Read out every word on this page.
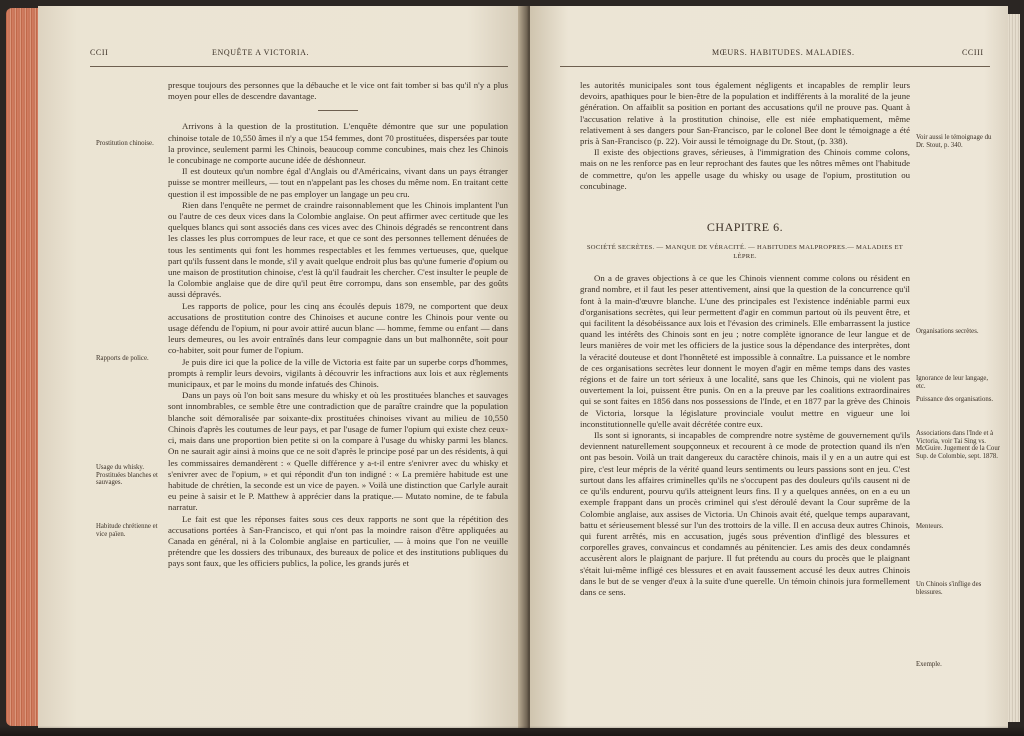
CCII	ENQUÊTE A VICTORIA.
Prostitution chinoise.
Rapports de police.
Usage du whisky. Prostituées blanches et sauvages.
Habitude chrétienne et vice païen.

presque toujours des personnes que la débauche et le vice ont fait tomber si bas qu'il n'y a plus moyen pour elles de descendre davantage.

Arrivons à la question de la prostitution. L'enquête démontre que sur une population chinoise totale de 10,550 âmes il n'y a que 154 femmes, dont 70 prostituées, dispersées par toute la province, seulement parmi les Chinois, beaucoup comme concubines, mais chez les Chinois le concubinage ne comporte aucune idée de déshonneur.

Il est douteux qu'un nombre égal d'Anglais ou d'Américains, vivant dans un pays étranger puisse se montrer meilleurs, — tout en n'appelant pas les choses du même nom. En traitant cette question il est impossible de ne pas employer un langage un peu cru.

Rien dans l'enquête ne permet de craindre raisonnablement que les Chinois implantent l'un ou l'autre de ces deux vices dans la Colombie anglaise. On peut affirmer avec certitude que les quelques blancs qui sont associés dans ces vices avec des Chinois dégradés se rencontrent dans les classes les plus corrompues de leur race, et que ce sont des personnes tellement dénuées de tous les sentiments qui font les hommes respectables et les femmes vertueuses, que, quelque part qu'ils fussent dans le monde, s'il y avait quelque endroit plus bas qu'une fumerie d'opium ou une maison de prostitution chinoise, c'est là qu'il faudrait les chercher. C'est insulter le peuple de la Colombie anglaise que de dire qu'il peut être corrompu, dans son ensemble, par des goûts aussi dépravés.

Les rapports de police, pour les cinq ans écoulés depuis 1879, ne comportent que deux accusations de prostitution contre des Chinoises et aucune contre les Chinois pour vente ou usage défendu de l'opium, ni pour avoir attiré aucun blanc — homme, femme ou enfant — dans leurs demeures, ou les avoir entraînés dans leur compagnie dans un but malhonnête, soit pour co-habiter, soit pour fumer de l'opium.

Je puis dire ici que la police de la ville de Victoria est faite par un superbe corps d'hommes, prompts à remplir leurs devoirs, vigilants à découvrir les infractions aux lois et aux règlements municipaux, et par le moins du monde infatués des Chinois.

Dans un pays où l'on boit sans mesure du whisky et où les prostituées blanches et sauvages sont innombrables, ce semble être une contradiction que de paraître craindre que la population blanche soit démoralisée par soixante-dix prostituées chinoises vivant au milieu de 10,550 Chinois d'après les coutumes de leur pays, et par l'usage de fumer l'opium qui existe chez ceux-ci, mais dans une proportion bien petite si on la compare à l'usage du whisky parmi les blancs. On ne saurait agir ainsi à moins que ce ne soit d'après le principe posé par un des résidents, à qui les commissaires demandèrent : « Quelle différence y a-t-il entre s'enivrer avec du whisky et s'enivrer avec de l'opium, » et qui répondit d'un ton indigné : « La première habitude est une habitude de chrétien, la seconde est un vice de payen. » Voilà une distinction que Carlyle aurait eu peine à saisir et le P. Matthew à apprécier dans la pratique.— Mutato nomine, de te fabula narratur.

Le fait est que les réponses faites sous ces deux rapports ne sont que la répétition des accusations portées à San-Francisco, et qui n'ont pas la moindre raison d'être appliquées au Canada en général, ni à la Colombie anglaise en particulier, — à moins que l'on ne veuille prétendre que les dossiers des tribunaux, des bureaux de police et des institutions publiques du pays sont faux, que les officiers publics, la police, les grands jurés et

MŒURS. HABITUDES. MALADIES.	CCIII
Voir aussi le témoignage du Dr. Stout, p. 340.
Organisations secrètes.
Ignorance de leur langage, etc.
Puissance des organisations.
Associations dans l'Inde et à Victoria, voir Tai Sing vs. McGuire. Jugement de la Cour Sup. de Colombie, sept. 1878.
Menteurs.
Un Chinois s'inflige des blessures.
Exemple.

les autorités municipales sont tous également négligents et incapables de remplir leurs devoirs, apathiques pour le bien-être de la population et indifférents à la moralité de la jeune génération. On affaiblit sa position en portant des accusations qu'il ne prouve pas. Quant à l'accusation relative à la prostitution chinoise, elle est niée emphatiquement, même relativement à ses dangers pour San-Francisco, par le colonel Bee dont le témoignage a été pris à San-Francisco (p. 22). Voir aussi le témoignage du Dr. Stout, (p. 338).

Il existe des objections graves, sérieuses, à l'immigration des Chinois comme colons, mais on ne les renforce pas en leur reprochant des fautes que les nôtres mêmes ont l'habitude de commettre, qu'on les appelle usage du whisky ou usage de l'opium, prostitution ou concubinage.

CHAPITRE 6.
SOCIÉTÉ SECRÈTES. — MANQUE DE VÉRACITÉ. — HABITUDES MALPROPRES.— MALADIES ET LÈPRE.

On a de graves objections à ce que les Chinois viennent comme colons ou résident en grand nombre, et il faut les peser attentivement, ainsi que la question de la concurrence qu'il font à la main-d'œuvre blanche. L'une des principales est l'existence indéniable parmi eux d'organisations secrètes, qui leur permettent d'agir en commun partout où ils peuvent être, et qui facilitent la désobéissance aux lois et l'évasion des criminels. Elle embarrassent la justice quand les intérêts des Chinois sont en jeu ; notre complète ignorance de leur langue et de leurs manières de voir met les officiers de la justice sous la dépendance des interprètes, dont la véracité douteuse et dont l'honnêteté est impossible à connaître. La puissance et le nombre de ces organisations secrètes leur donnent le moyen d'agir en même temps dans des vastes régions et de faire un tort sérieux à une localité, sans que les Chinois, qui ne violent pas ouvertement la loi, puissent être punis. On en a la preuve par les coalitions extraordinaires qui se sont faites en 1856 dans nos possessions de l'Inde, et en 1877 par la grève des Chinois de Victoria, lorsque la législature provinciale voulut mettre en vigueur une loi inconstitutionnelle qu'elle avait décrétée contre eux.

Ils sont si ignorants, si incapables de comprendre notre système de gouvernement qu'ils deviennent naturellement soupçonneux et recourent à ce mode de protection quand ils n'en ont pas besoin. Voilà un trait dangereux du caractère chinois, mais il y en a un autre qui est pire, c'est leur mépris de la vérité quand leurs sentiments ou leurs passions sont en jeu. C'est surtout dans les affaires criminelles qu'ils ne s'occupent pas des douleurs qu'ils causent ni de ce qu'ils endurent, pourvu qu'ils atteignent leurs fins. Il y a quelques années, on en a eu un exemple frappant dans un procès criminel qui s'est déroulé devant la Cour suprême de la Colombie anglaise, aux assises de Victoria. Un Chinois avait été, quelque temps auparavant, battu et sérieusement blessé sur l'un des trottoirs de la ville. Il en accusa deux autres Chinois, qui furent arrêtés, mis en accusation, jugés sous prévention d'infligé des blessures et corporelles graves, convaincus et condamnés au pénitencier. Les amis des deux condamnés accusèrent alors le plaignant de parjure. Il fut prétendu au cours du procès que le plaignant s'était lui-même infligé ces blessures et en avait faussement accusé les deux autres Chinois dans le but de se venger d'eux à la suite d'une querelle. Un témoin chinois jura formellement dans ce sens.
